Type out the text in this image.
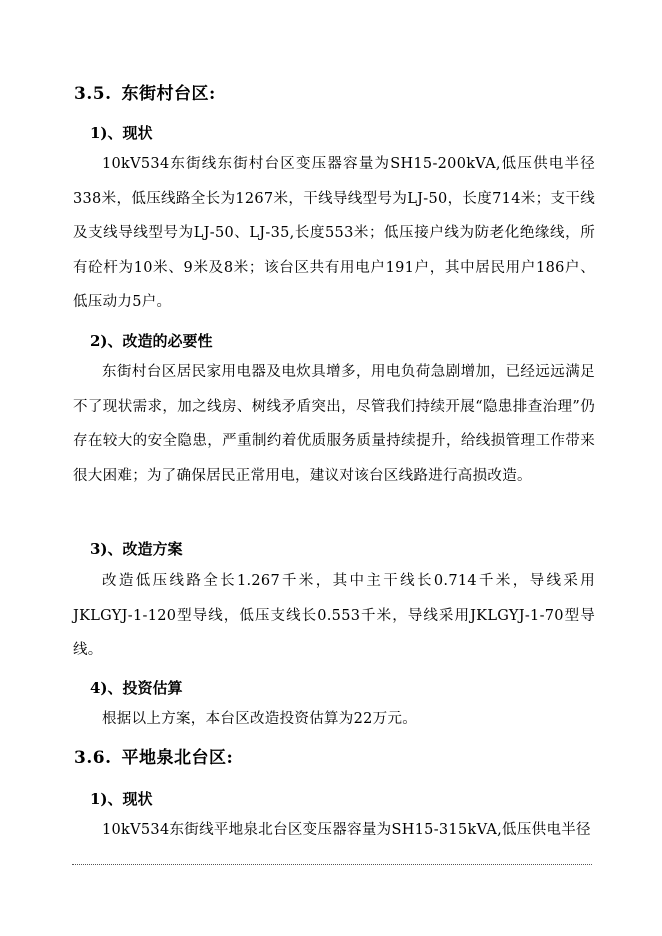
3.5. 东街村台区:
1)、现状
10kV534东街线东街村台区变压器容量为SH15-200kVA,低压供电半径338米，低压线路全长为1267米，干线导线型号为LJ-50，长度714米；支干线及支线导线型号为LJ-50、LJ-35,长度553米；低压接户线为防老化绝缘线，所有砼杆为10米、9米及8米；该台区共有用电户191户，其中居民用户186户、低压动力5户。
2)、改造的必要性
东街村台区居民家用电器及电炊具增多，用电负荷急剧增加，已经远远满足不了现状需求，加之线房、树线矛盾突出，尽管我们持续开展“隐患排查治理”仍存在较大的安全隐患，严重制约着优质服务质量持续提升，给线损管理工作带来很大困难；为了确保居民正常用电，建议对该台区线路进行高损改造。
3)、改造方案
改造低压线路全长1.267千米，其中主干线长0.714千米，导线采用JKLGYJ-1-120型导线，低压支线长0.553千米，导线采用JKLGYJ-1-70型导线。
4)、投资估算
根据以上方案，本台区改造投资估算为22万元。
3.6. 平地泉北台区:
1)、现状
10kV534东街线平地泉北台区变压器容量为SH15-315kVA,低压供电半径
